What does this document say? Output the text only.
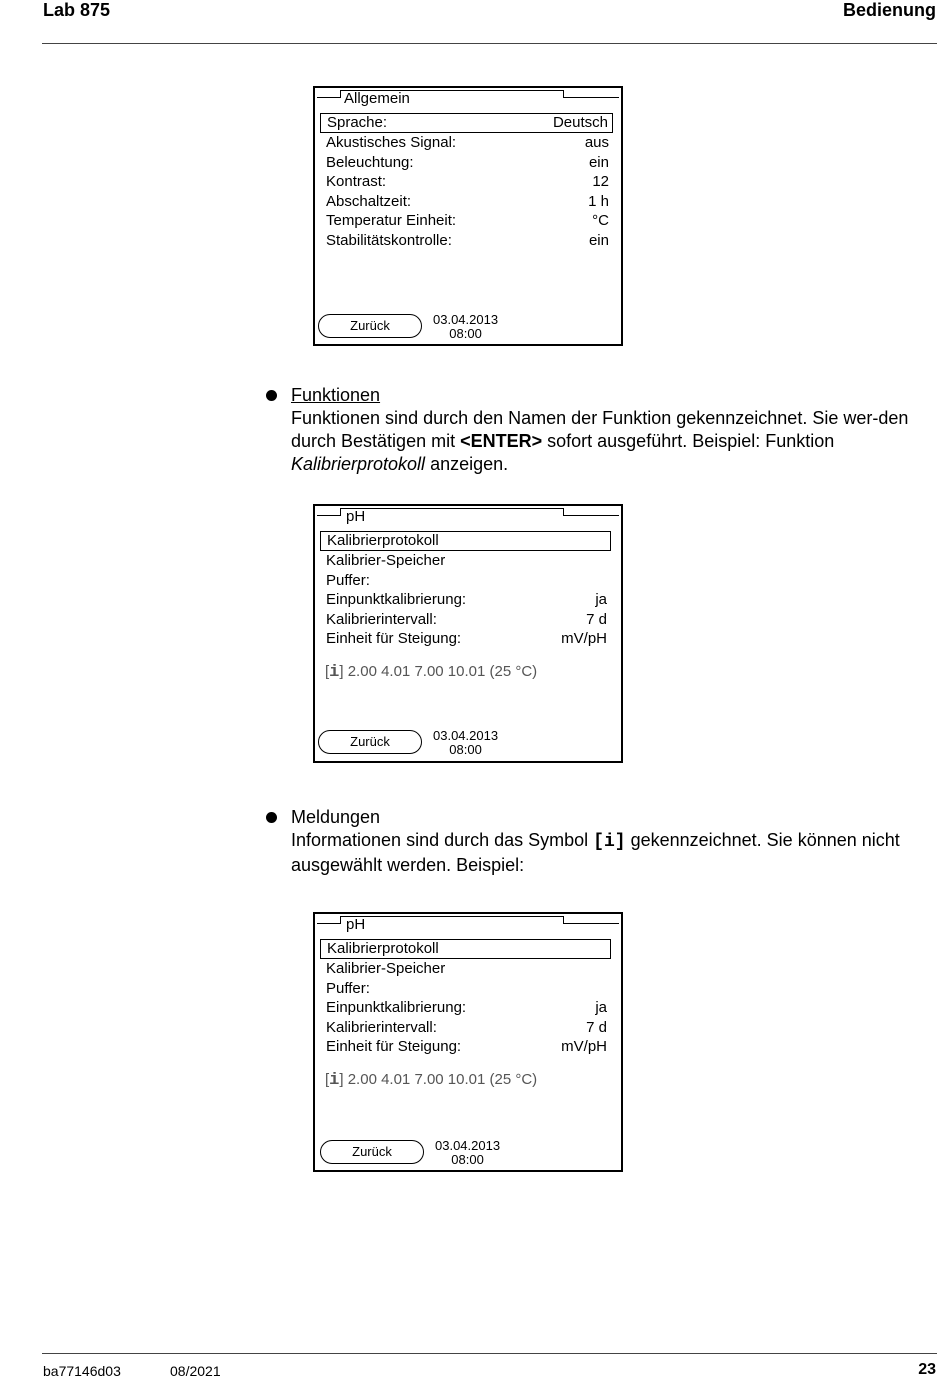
Lab 875	Bedienung
Allgemein
Sprache:	Deutsch
Akustisches Signal:	aus
Beleuchtung:	ein
Kontrast:	12
Abschaltzeit:	1 h
Temperatur Einheit:	°C
Stabilitätskontrolle:	ein
Zurück	03.04.2013
08:00
Funktionen
Funktionen sind durch den Namen der Funktion gekennzeichnet. Sie wer-den durch Bestätigen mit <ENTER> sofort ausgeführt. Beispiel: Funktion Kalibrierprotokoll anzeigen.
pH
Kalibrierprotokoll
Kalibrier-Speicher
Puffer:
Einpunktkalibrierung:	ja
Kalibrierintervall:	7 d
Einheit für Steigung:	mV/pH
[i] 2.00 4.01 7.00 10.01 (25 °C)
Zurück	03.04.2013
08:00
Meldungen
Informationen sind durch das Symbol [i] gekennzeichnet. Sie können nicht ausgewählt werden. Beispiel:
pH
Kalibrierprotokoll
Kalibrier-Speicher
Puffer:
Einpunktkalibrierung:	ja
Kalibrierintervall:	7 d
Einheit für Steigung:	mV/pH
[i] 2.00 4.01 7.00 10.01 (25 °C)
Zurück	03.04.2013
08:00
ba77146d03	08/2021	23
